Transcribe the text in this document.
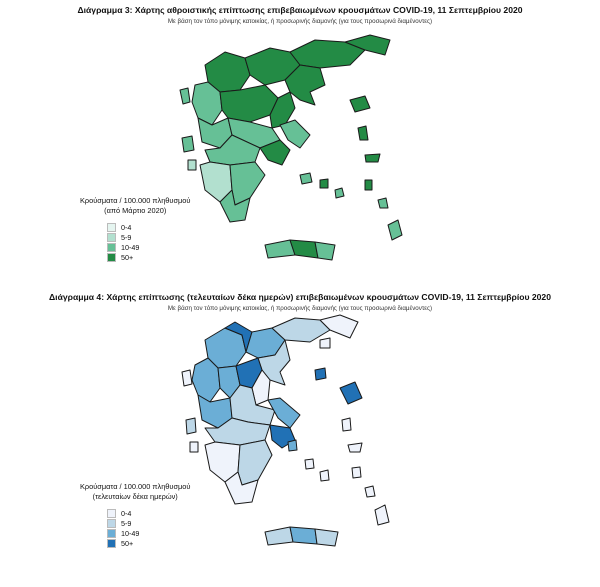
Διάγραμμα 3: Χάρτης αθροιστικής επίπτωσης επιβεβαιωμένων κρουσμάτων COVID-19, 11 Σεπτεμβρίου 2020
Με βάση τον τόπο μόνιμης κατοικίας, ή προσωρινής διαμονής (για τους προσωρινά διαμένοντες)
Κρούσματα / 100.000 πληθυσμού
(από Μάρτιο 2020)
0-4
5-9
10-49
50+
Διάγραμμα 4: Χάρτης επίπτωσης (τελευταίων δέκα ημερών) επιβεβαιωμένων κρουσμάτων COVID-19, 11 Σεπτεμβρίου 2020
Με βάση τον τόπο μόνιμης κατοικίας, ή προσωρινής διαμονής (για τους προσωρινά διαμένοντες)
Κρούσματα / 100.000 πληθυσμού
(τελευταίων δέκα ημερών)
0-4
5-9
10-49
50+
